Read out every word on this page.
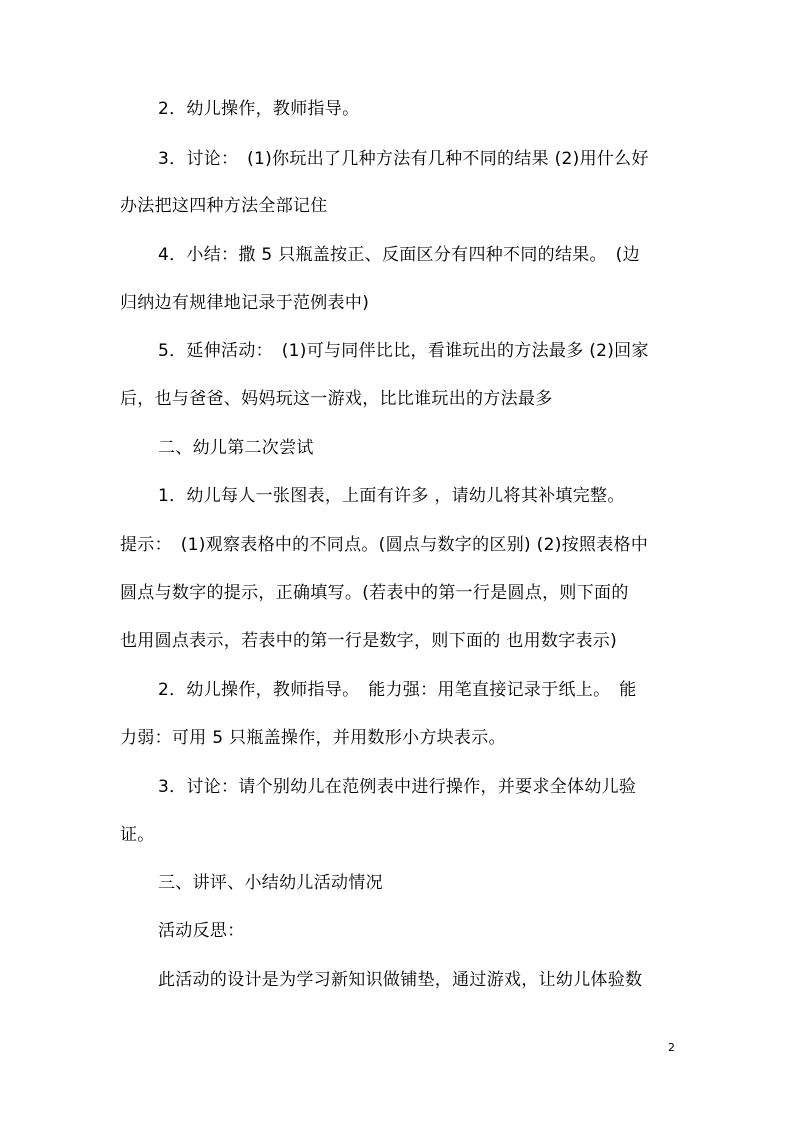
2．幼儿操作，教师指导。
3．讨论：　(1)你玩出了几种方法有几种不同的结果 (2)用什么好
办法把这四种方法全部记住
4．小结：撒 5 只瓶盖按正、反面区分有四种不同的结果。　(边
归纳边有规律地记录于范例表中)
5．延伸活动：　(1)可与同伴比比，看谁玩出的方法最多 (2)回家
后，也与爸爸、妈妈玩这一游戏，比比谁玩出的方法最多
二、幼儿第二次尝试
1．幼儿每人一张图表，上面有许多 ，请幼儿将其补填完整。
提示：　(1)观察表格中的不同点。(圆点与数字的区别) (2)按照表格中
圆点与数字的提示，正确填写。(若表中的第一行是圆点，则下面的
也用圆点表示，若表中的第一行是数字，则下面的 也用数字表示)
2．幼儿操作，教师指导。　能力强：用笔直接记录于纸上。　能
力弱：可用 5 只瓶盖操作，并用数形小方块表示。
3．讨论：请个别幼儿在范例表中进行操作，并要求全体幼儿验
证。
三、讲评、小结幼儿活动情况
活动反思：
此活动的设计是为学习新知识做铺垫，通过游戏，让幼儿体验数
2
